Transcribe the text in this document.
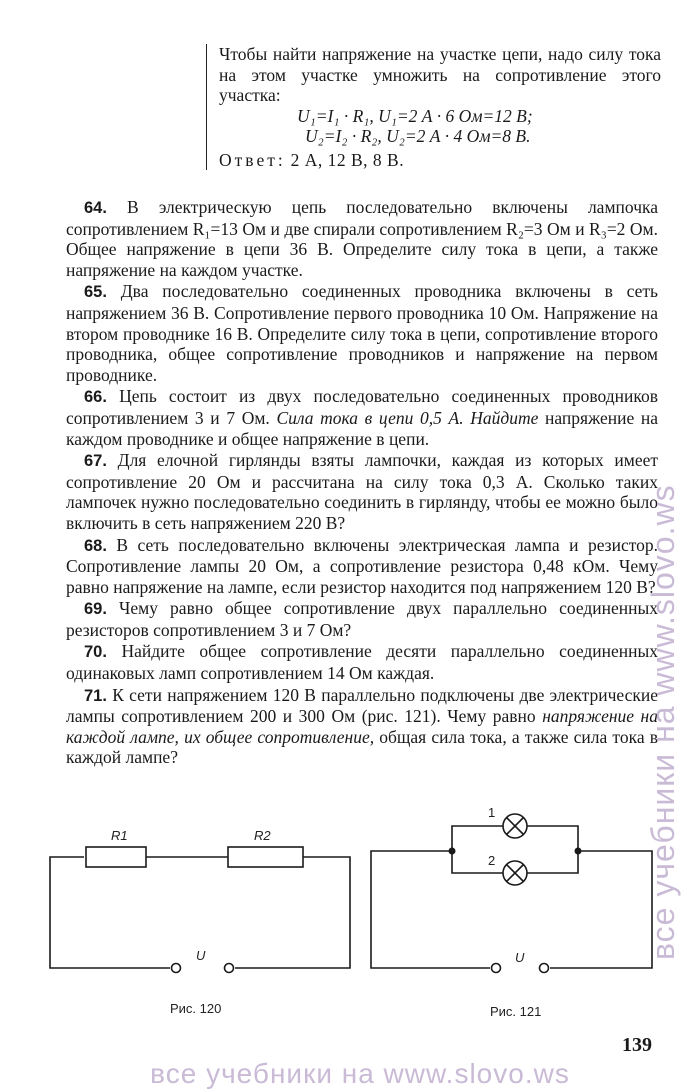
Чтобы найти напряжение на участке цепи, надо силу тока на этом участке умножить на сопротивление этого участка:
U₁=I₁ · R₁, U₁=2 А · 6 Ом=12 В;
U₂=I₂ · R₂, U₂=2 А · 4 Ом=8 В.
Ответ: 2 А, 12 В, 8 В.
64. В электрическую цепь последовательно включены лампочка сопротивлением R₁=13 Ом и две спирали сопротивлением R₂=3 Ом и R₃=2 Ом. Общее напряжение в цепи 36 В. Определите силу тока в цепи, а также напряжение на каждом участке.
65. Два последовательно соединенных проводника включены в сеть напряжением 36 В. Сопротивление первого проводника 10 Ом. Напряжение на втором проводнике 16 В. Определите силу тока в цепи, сопротивление второго проводника, общее сопротивление проводников и напряжение на первом проводнике.
66. Цепь состоит из двух последовательно соединенных проводников сопротивлением 3 и 7 Ом. Сила тока в цепи 0,5 А. Найдите напряжение на каждом проводнике и общее напряжение в цепи.
67. Для елочной гирлянды взяты лампочки, каждая из которых имеет сопротивление 20 Ом и рассчитана на силу тока 0,3 А. Сколько таких лампочек нужно последовательно соединить в гирлянду, чтобы ее можно было включить в сеть напряжением 220 В?
68. В сеть последовательно включены электрическая лампа и резистор. Сопротивление лампы 20 Ом, а сопротивление резистора 0,48 кОм. Чему равно напряжение на лампе, если резистор находится под напряжением 120 В?
69. Чему равно общее сопротивление двух параллельно соединенных резисторов сопротивлением 3 и 7 Ом?
70. Найдите общее сопротивление десяти параллельно соединенных одинаковых ламп сопротивлением 14 Ом каждая.
71. К сети напряжением 120 В параллельно подключены две электрические лампы сопротивлением 200 и 300 Ом (рис. 121). Чему равно напряжение на каждой лампе, их общее сопротивление, общая сила тока, а также сила тока в каждой лампе?
R1	R2
U
Рис. 120
1
2
U
Рис. 121
139
все учебники на www.slovo.ws
все учебники на www.slovo.ws
